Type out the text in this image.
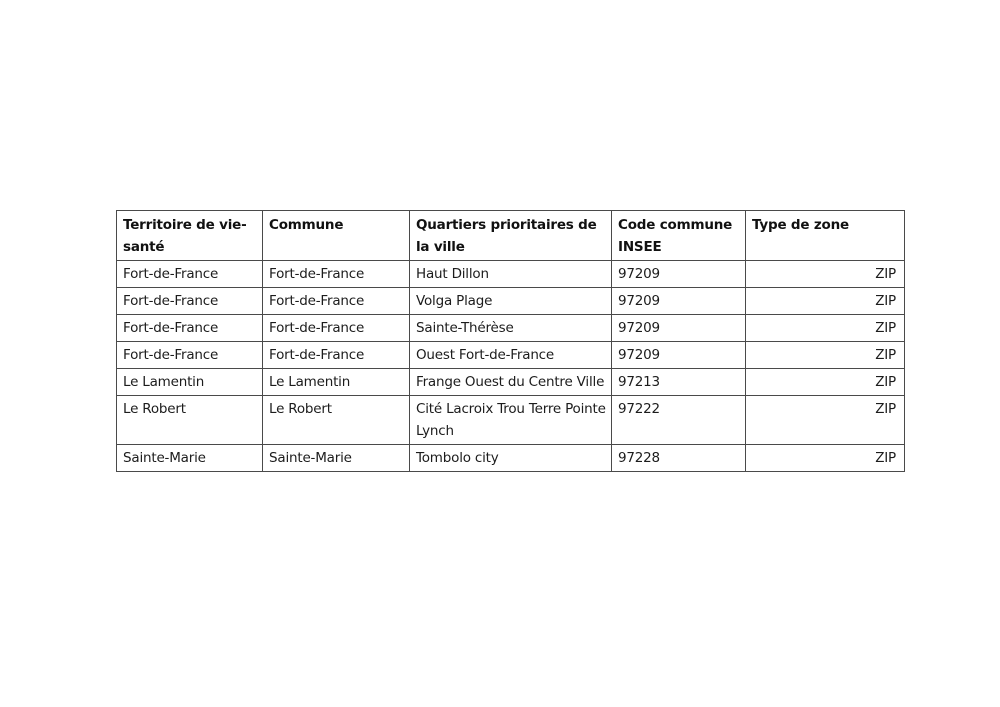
Territoire de vie-santé	Commune	Quartiers prioritaires de la ville	Code commune INSEE	Type de zone
Fort-de-France	Fort-de-France	Haut Dillon	97209	ZIP
Fort-de-France	Fort-de-France	Volga Plage	97209	ZIP
Fort-de-France	Fort-de-France	Sainte-Thérèse	97209	ZIP
Fort-de-France	Fort-de-France	Ouest Fort-de-France	97209	ZIP
Le Lamentin	Le Lamentin	Frange Ouest du Centre Ville	97213	ZIP
Le Robert	Le Robert	Cité Lacroix Trou Terre Pointe Lynch	97222	ZIP
Sainte-Marie	Sainte-Marie	Tombolo city	97228	ZIP
